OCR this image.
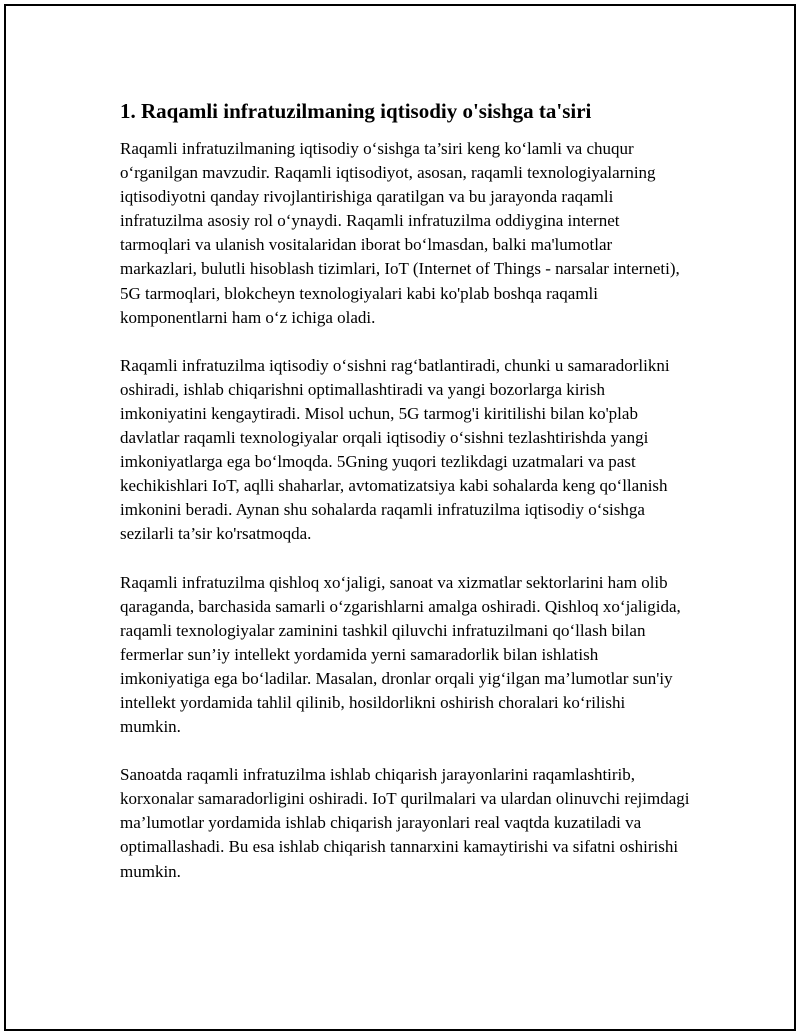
1. Raqamli infratuzilmaning iqtisodiy o'sishga ta'siri

Raqamli infratuzilmaning iqtisodiy o‘sishga ta’siri keng ko‘lamli va chuqur o‘rganilgan mavzudir. Raqamli iqtisodiyot, asosan, raqamli texnologiyalarning iqtisodiyotni qanday rivojlantirishiga qaratilgan va bu jarayonda raqamli infratuzilma asosiy rol o‘ynaydi. Raqamli infratuzilma oddiygina internet tarmoqlari va ulanish vositalaridan iborat bo‘lmasdan, balki ma'lumotlar markazlari, bulutli hisoblash tizimlari, IoT (Internet of Things - narsalar interneti), 5G tarmoqlari, blokcheyn texnologiyalari kabi ko'plab boshqa raqamli komponentlarni ham o‘z ichiga oladi.

Raqamli infratuzilma iqtisodiy o‘sishni rag‘batlantiradi, chunki u samaradorlikni oshiradi, ishlab chiqarishni optimallashtiradi va yangi bozorlarga kirish imkoniyatini kengaytiradi. Misol uchun, 5G tarmog'i kiritilishi bilan ko'plab davlatlar raqamli texnologiyalar orqali iqtisodiy o‘sishni tezlashtirishda yangi imkoniyatlarga ega bo‘lmoqda. 5Gning yuqori tezlikdagi uzatmalari va past kechikishlari IoT, aqlli shaharlar, avtomatizatsiya kabi sohalarda keng qo‘llanish imkonini beradi. Aynan shu sohalarda raqamli infratuzilma iqtisodiy o‘sishga sezilarli ta’sir ko'rsatmoqda.

Raqamli infratuzilma qishloq xo‘jaligi, sanoat va xizmatlar sektorlarini ham olib qaraganda, barchasida samarli o‘zgarishlarni amalga oshiradi. Qishloq xo‘jaligida, raqamli texnologiyalar zaminini tashkil qiluvchi infratuzilmani qo‘llash bilan fermerlar sun’iy intellekt yordamida yerni samaradorlik bilan ishlatish imkoniyatiga ega bo‘ladilar. Masalan, dronlar orqali yig‘ilgan ma’lumotlar sun'iy intellekt yordamida tahlil qilinib, hosildorlikni oshirish choralari ko‘rilishi mumkin.

Sanoatda raqamli infratuzilma ishlab chiqarish jarayonlarini raqamlashtirib, korxonalar samaradorligini oshiradi. IoT qurilmalari va ulardan olinuvchi rejimdagi ma’lumotlar yordamida ishlab chiqarish jarayonlari real vaqtda kuzatiladi va optimallashadi. Bu esa ishlab chiqarish tannarxini kamaytirishi va sifatni oshirishi mumkin.
